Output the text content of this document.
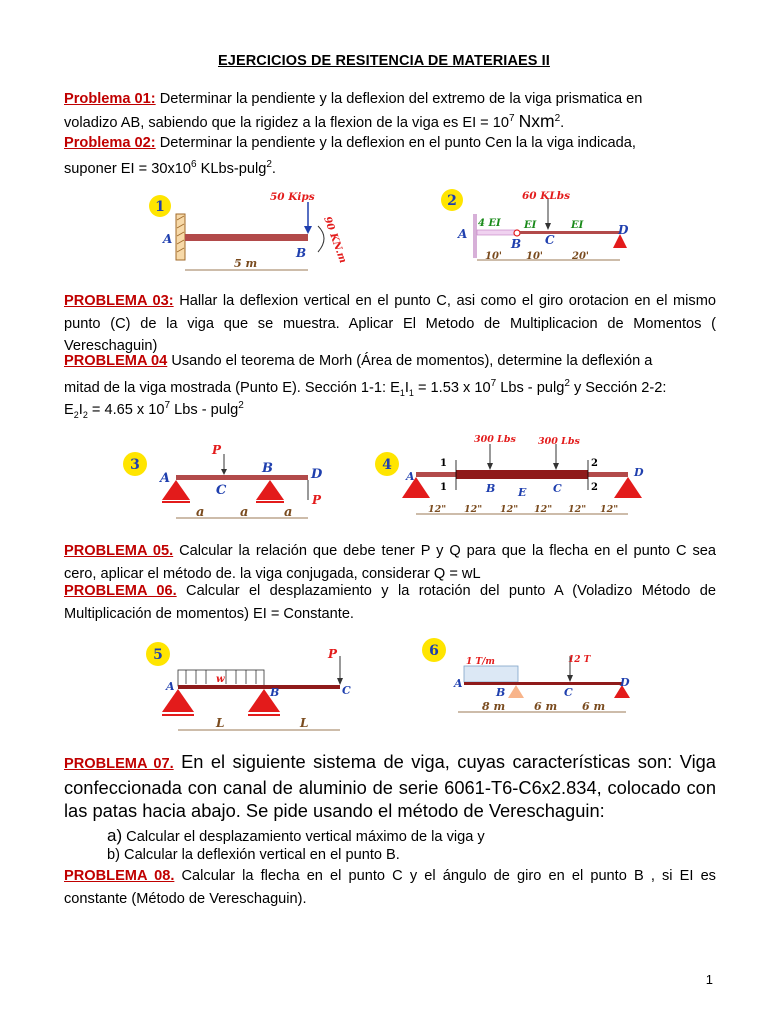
EJERCICIOS DE RESITENCIA DE MATERIAES II
Problema 01: Determinar la pendiente y la deflexion del extremo de la viga prismatica en
voladizo AB, sabiendo que la rigidez a la flexion de la viga es EI = $10^7$ Nxm$^2$.
Problema 02: Determinar la pendiente y la deflexion en el punto Cen la la viga indicada,
suponer EI = $30x10^6$ KLbs-pulg$^2$.
1
50 Kips
90 KN.m
A
B
5 m
2	60 KLbs
4 EI EI	EI
A
B C
D
10' 10'	20'
PROBLEMA 03: Hallar la deflexion vertical en el punto C, asi como el giro orotacion en el mismo punto (C) de la viga que se muestra. Aplicar El Metodo de Multiplicacion de Momentos ( Vereschaguin)
PROBLEMA 04 Usando el teorema de Morh (Área de momentos), determine la deflexión a
mitad de la viga mostrada (Punto E). Sección 1-1: $E_1I_1 = 1.53$ x $10^7$ Lbs - pulg$^2$ y Sección 2-2:
$E_2I_2 = 4.65$ x $10^7$ Lbs - pulg$^2$
3
P
P
A
B
C
D
a	a	a
4
300 Lbs 300 Lbs
1
1
2
2
A
B E C
D
12" 12" 12" 12" 12" 12"
PROBLEMA 05. Calcular la relación que debe tener P y Q para que la flecha en el punto C sea cero, aplicar el método de. la viga conjugada, considerar Q = wL
PROBLEMA 06. Calcular el desplazamiento y la rotación del punto A (Voladizo Método de Multiplicación de momentos) EI = Constante.
5
w
P
A	B	C
L	L
6
1 T/m	12 T
A
B	C
D
8 m	6 m 6 m
PROBLEMA 07. En el siguiente sistema de viga, cuyas características son: Viga confeccionada con canal de aluminio de serie 6061-T6-C6x2.834, colocado con las patas hacia abajo. Se pide usando el método de Vereschaguin:
a) Calcular el desplazamiento vertical máximo de la viga y
b) Calcular la deflexión vertical en el punto B.
PROBLEMA 08. Calcular la flecha en el punto C y el ángulo de giro en el punto B , si EI es constante (Método de Vereschaguin).
1
